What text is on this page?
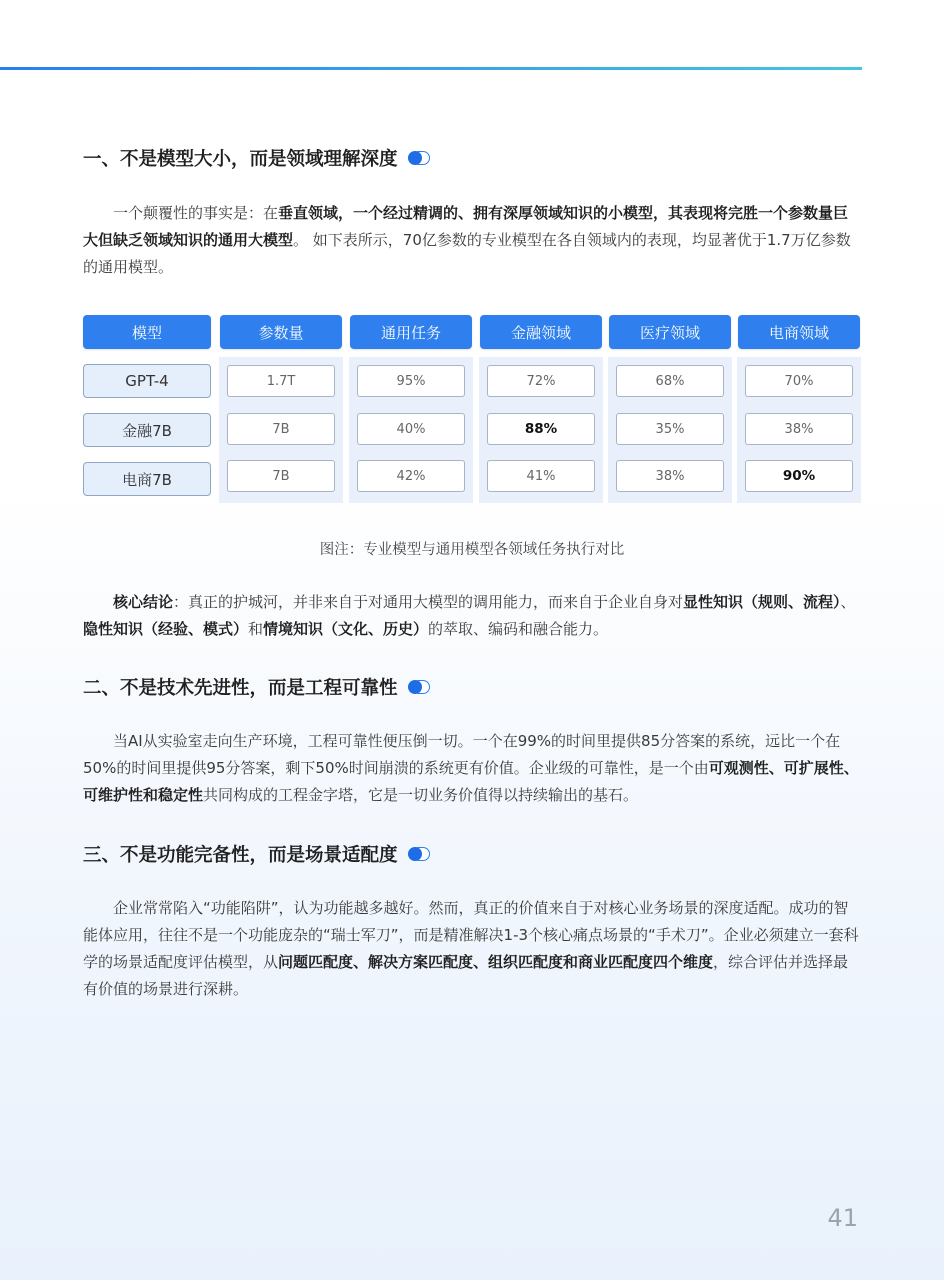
一、不是模型大小，而是领域理解深度

一个颠覆性的事实是：在垂直领域，一个经过精调的、拥有深厚领域知识的小模型，其表现将完胜一个参数量巨大但缺乏领域知识的通用大模型。 如下表所示，70亿参数的专业模型在各自领域内的表现，均显著优于1.7万亿参数的通用模型。

模型	参数量	通用任务	金融领域	医疗领域	电商领域
GPT-4	1.7T	95%	72%	68%	70%
金融7B	7B	40%	88%	35%	38%
电商7B	7B	42%	41%	38%	90%
图注：专业模型与通用模型各领域任务执行对比

核心结论：真正的护城河，并非来自于对通用大模型的调用能力，而来自于企业自身对显性知识（规则、流程）、隐性知识（经验、模式）和情境知识（文化、历史）的萃取、编码和融合能力。

二、不是技术先进性，而是工程可靠性

当AI从实验室走向生产环境，工程可靠性便压倒一切。一个在99%的时间里提供85分答案的系统，远比一个在50%的时间里提供95分答案，剩下50%时间崩溃的系统更有价值。企业级的可靠性，是一个由可观测性、可扩展性、可维护性和稳定性共同构成的工程金字塔，它是一切业务价值得以持续输出的基石。

三、不是功能完备性，而是场景适配度

企业常常陷入“功能陷阱”，认为功能越多越好。然而，真正的价值来自于对核心业务场景的深度适配。成功的智能体应用，往往不是一个功能庞杂的“瑞士军刀”，而是精准解决1-3个核心痛点场景的“手术刀”。企业必须建立一套科学的场景适配度评估模型，从问题匹配度、解决方案匹配度、组织匹配度和商业匹配度四个维度，综合评估并选择最有价值的场景进行深耕。

41
